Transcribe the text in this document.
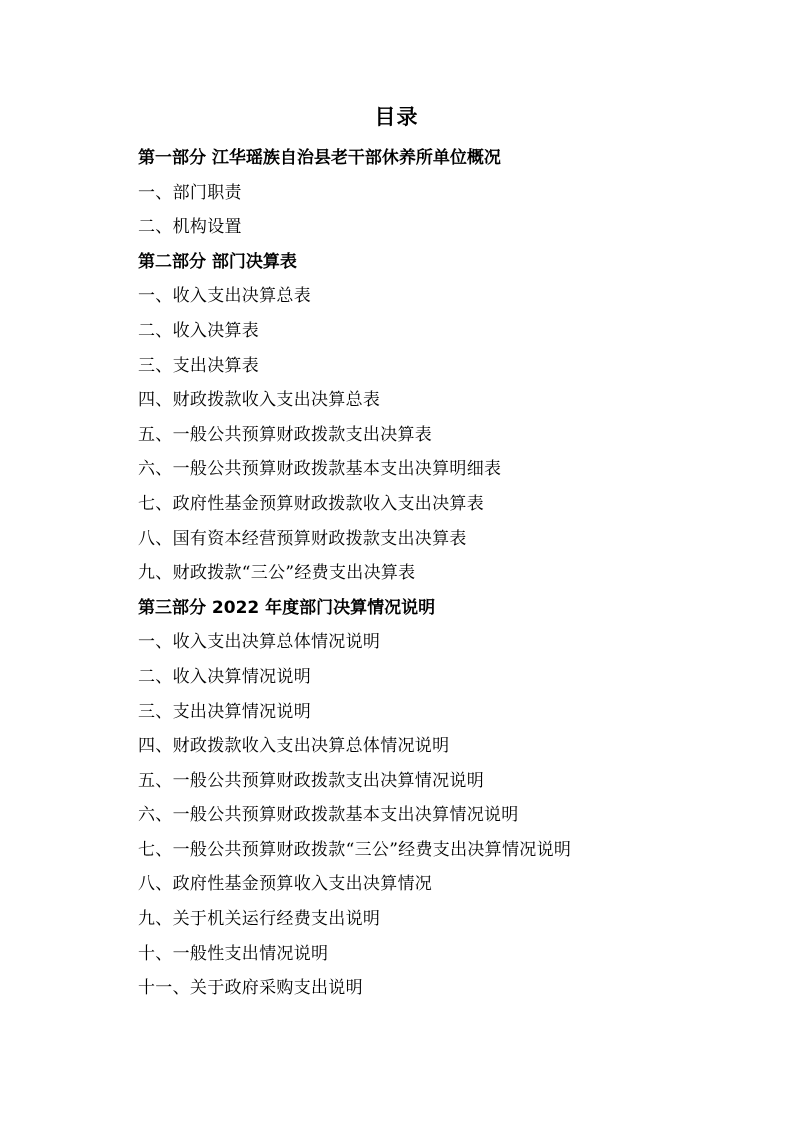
目录
第一部分 江华瑶族自治县老干部休养所单位概况
一、部门职责
二、机构设置
第二部分 部门决算表
一、收入支出决算总表
二、收入决算表
三、支出决算表
四、财政拨款收入支出决算总表
五、一般公共预算财政拨款支出决算表
六、一般公共预算财政拨款基本支出决算明细表
七、政府性基金预算财政拨款收入支出决算表
八、国有资本经营预算财政拨款支出决算表
九、财政拨款“三公”经费支出决算表
第三部分 2022 年度部门决算情况说明
一、收入支出决算总体情况说明
二、收入决算情况说明
三、支出决算情况说明
四、财政拨款收入支出决算总体情况说明
五、一般公共预算财政拨款支出决算情况说明
六、一般公共预算财政拨款基本支出决算情况说明
七、一般公共预算财政拨款“三公”经费支出决算情况说明
八、政府性基金预算收入支出决算情况
九、关于机关运行经费支出说明
十、一般性支出情况说明
十一、关于政府采购支出说明
